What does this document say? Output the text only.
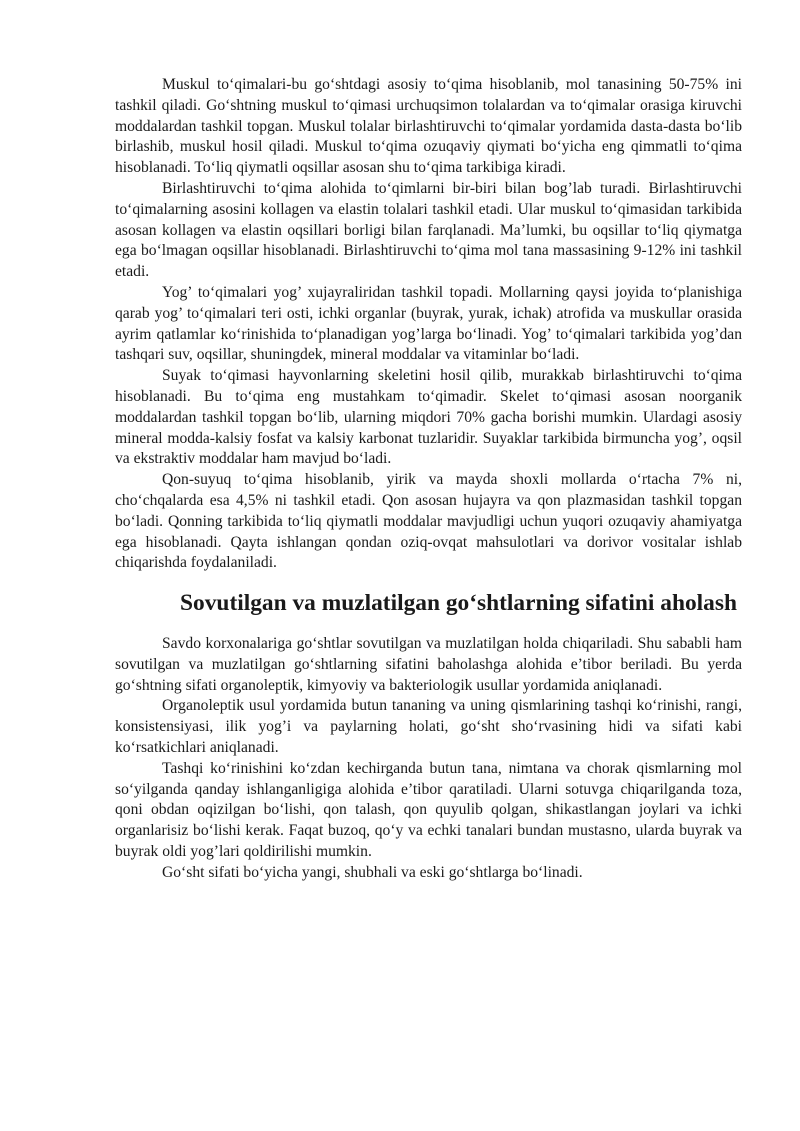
Muskul to‘qimalari-bu go‘shtdagi asosiy to‘qima hisoblanib, mol tanasining 50-75% ini tashkil qiladi. Go‘shtning muskul to‘qimasi urchuqsimon tolalardan va to‘qimalar orasiga kiruvchi moddalardan tashkil topgan. Muskul tolalar birlashtiruvchi to‘qimalar yordamida dasta-dasta bo‘lib birlashib, muskul hosil qiladi. Muskul to‘qima ozuqaviy qiymati bo‘yicha eng qimmatli to‘qima hisoblanadi. To‘liq qiymatli oqsillar asosan shu to‘qima tarkibiga kiradi.

Birlashtiruvchi to‘qima alohida to‘qimlarni bir-biri bilan bog’lab turadi. Birlashtiruvchi to‘qimalarning asosini kollagen va elastin tolalari tashkil etadi. Ular muskul to‘qimasidan tarkibida asosan kollagen va elastin oqsillari borligi bilan farqlanadi. Ma’lumki, bu oqsillar to‘liq qiymatga ega bo‘lmagan oqsillar hisoblanadi. Birlashtiruvchi to‘qima mol tana massasining 9-12% ini tashkil etadi.

Yog’ to‘qimalari yog’ xujayraliridan tashkil topadi. Mollarning qaysi joyida to‘planishiga qarab yog’ to‘qimalari teri osti, ichki organlar (buyrak, yurak, ichak) atrofida va muskullar orasida ayrim qatlamlar ko‘rinishida to‘planadigan yog’larga bo‘linadi. Yog’ to‘qimalari tarkibida yog’dan tashqari suv, oqsillar, shuningdek, mineral moddalar va vitaminlar bo‘ladi.

Suyak to‘qimasi hayvonlarning skeletini hosil qilib, murakkab birlashtiruvchi to‘qima hisoblanadi. Bu to‘qima eng mustahkam to‘qimadir. Skelet to‘qimasi asosan noorganik moddalardan tashkil topgan bo‘lib, ularning miqdori 70% gacha borishi mumkin. Ulardagi asosiy mineral modda-kalsiy fosfat va kalsiy karbonat tuzlaridir. Suyaklar tarkibida birmuncha yog’, oqsil va ekstraktiv moddalar ham mavjud bo‘ladi.

Qon-suyuq to‘qima hisoblanib, yirik va mayda shoxli mollarda o‘rtacha 7% ni, cho‘chqalarda esa 4,5% ni tashkil etadi. Qon asosan hujayra va qon plazmasidan tashkil topgan bo‘ladi. Qonning tarkibida to‘liq qiymatli moddalar mavjudligi uchun yuqori ozuqaviy ahamiyatga ega hisoblanadi. Qayta ishlangan qondan oziq-ovqat mahsulotlari va dorivor vositalar ishlab chiqarishda foydalaniladi.

Sovutilgan va muzlatilgan go‘shtlarning sifatini aholash

Savdo korxonalariga go‘shtlar sovutilgan va muzlatilgan holda chiqariladi. Shu sababli ham sovutilgan va muzlatilgan go‘shtlarning sifatini baholashga alohida e’tibor beriladi. Bu yerda go‘shtning sifati organoleptik, kimyoviy va bakteriologik usullar yordamida aniqlanadi.

Organoleptik usul yordamida butun tananing va uning qismlarining tashqi ko‘rinishi, rangi, konsistensiyasi, ilik yog’i va paylarning holati, go‘sht sho‘rvasining hidi va sifati kabi ko‘rsatkichlari aniqlanadi.

Tashqi ko‘rinishini ko‘zdan kechirganda butun tana, nimtana va chorak qismlarning mol so‘yilganda qanday ishlanganligiga alohida e’tibor qaratiladi. Ularni sotuvga chiqarilganda toza, qoni obdan oqizilgan bo‘lishi, qon talash, qon quyulib qolgan, shikastlangan joylari va ichki organlarisiz bo‘lishi kerak. Faqat buzoq, qo‘y va echki tanalari bundan mustasno, ularda buyrak va buyrak oldi yog’lari qoldirilishi mumkin.

Go‘sht sifati bo‘yicha yangi, shubhali va eski go‘shtlarga bo‘linadi.
